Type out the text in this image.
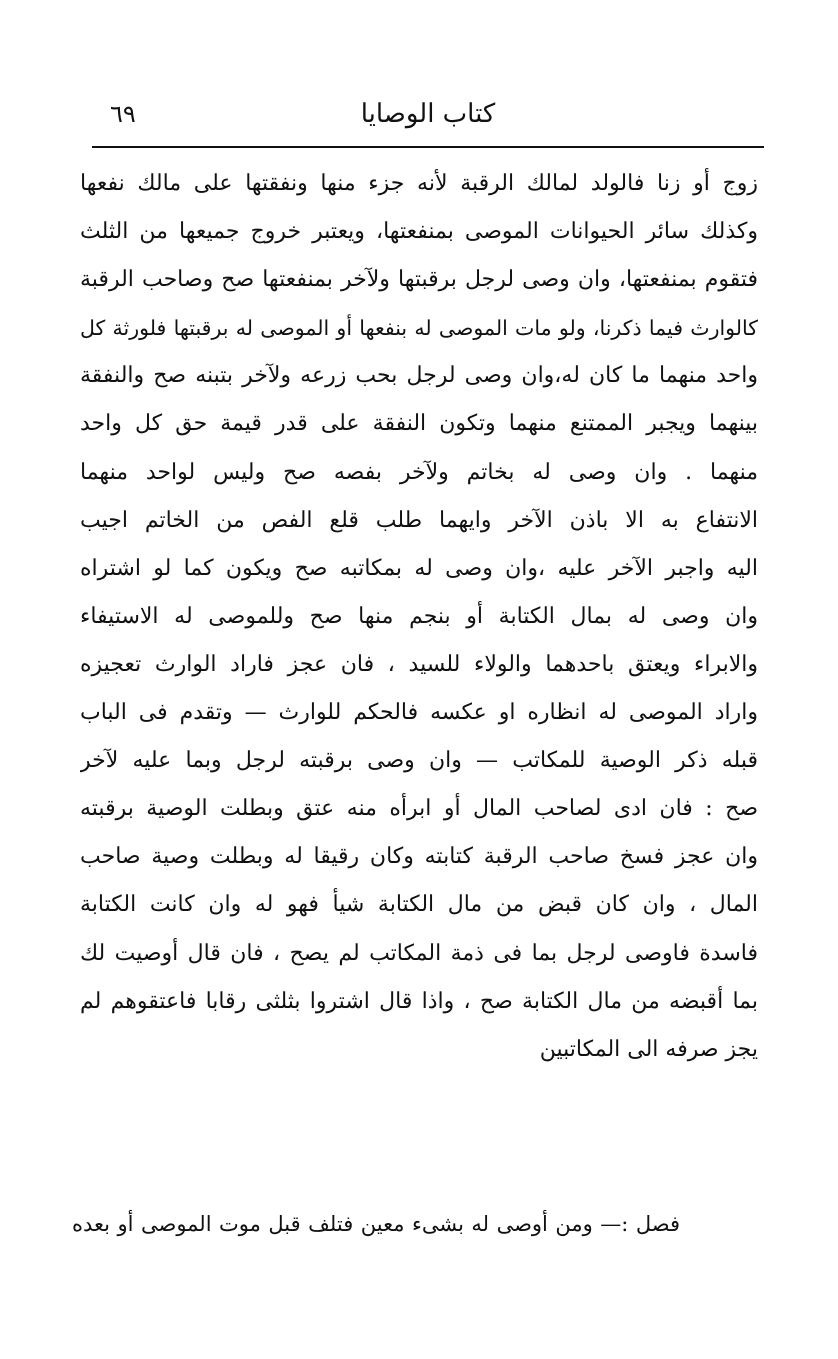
كتاب الوصايا
٦٩
زوج أو زنا فالولد لمالك الرقبة لأنه جزء منها ونفقتها على مالك نفعها
وكذلك سائر الحيوانات الموصى بمنفعتها، ويعتبر خروج جميعها من الثلث
فتقوم بمنفعتها، وان وصى لرجل برقبتها ولآخر بمنفعتها صح وصاحب الرقبة
كالوارث فيما ذكرنا، ولو مات الموصى له بنفعها أو الموصى له برقبتها فلورثة كل
واحد منهما ما كان له،وان وصى لرجل بحب زرعه ولآخر بتبنه صح والنفقة
بينهما ويجبر الممتنع منهما وتكون النفقة على قدر قيمة حق كل واحد
منهما . وان وصى له بخاتم ولآخر بفصه صح وليس لواحد منهما
الانتفاع به الا باذن الآخر وايهما طلب قلع الفص من الخاتم اجيب
اليه واجبر الآخر عليه ،وان وصى له بمكاتبه صح ويكون كما لو اشتراه
وان وصى له بمال الكتابة أو بنجم منها صح وللموصى له الاستيفاء
والابراء ويعتق باحدهما والولاء للسيد ، فان عجز فاراد الوارث تعجيزه
واراد الموصى له انظاره او عكسه فالحكم للوارث — وتقدم فى الباب
قبله ذكر الوصية للمكاتب — وان وصى برقبته لرجل وبما عليه لآخر
صح : فان ادى لصاحب المال أو ابرأه منه عتق وبطلت الوصية برقبته
وان عجز فسخ صاحب الرقبة كتابته وكان رقيقا له وبطلت وصية صاحب
المال ، وان كان قبض من مال الكتابة شيأ فهو له وان كانت الكتابة
فاسدة فاوصى لرجل بما فى ذمة المكاتب لم يصح ، فان قال أوصيت لك
بما أقبضه من مال الكتابة صح ، واذا قال اشتروا بثلثى رقابا فاعتقوهم لم
يجز صرفه الى المكاتبين
فصل :— ومن أوصى له بشىء معين فتلف قبل موت الموصى أو بعده
